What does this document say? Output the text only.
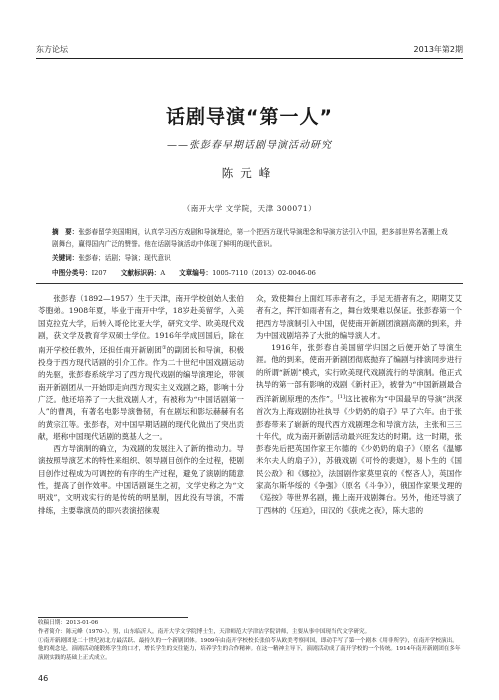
东方论坛	2013年第2期
话剧导演“第一人”
——张彭春早期话剧导演活动研究
陈元峰
（南开大学 文学院，天津 300071）
摘　要：张彭春留学美国期间，认真学习西方戏剧和导演理论，第一个把西方现代导演理念和导演方法引入中国，把多部世界名著搬上戏剧舞台，赢得国内广泛的赞誉。他在话剧导演活动中体现了鲜明的现代意识。
关键词：张彭春；话剧；导演；现代意识
中图分类号：I207 文献标识码：A 文章编号：1005-7110（2013）02-0046-06

张彭春（1892—1957）生于天津，南开学校创始人张伯苓胞弟。1908年夏，毕业于南开中学，18岁赴美留学，入美国克拉克大学，后转入哥伦比亚大学，研究文学、欧美现代戏剧，获文学及教育学双硕士学位。1916年学成回国后，除在南开学校任教外，还担任南开新剧团①的副团长和导演，积极投身于西方现代话剧的引介工作。作为二十世纪中国戏剧运动的先驱，张彭春系统学习了西方现代戏剧的编导演理论，带领南开新剧团从一开始即走向西方现实主义戏剧之路，影响十分广泛。他还培养了一大批戏剧人才，有被称为“中国话剧第一人”的曹禺，有著名电影导演鲁韧，有在剧坛和影坛赫赫有名的黄宗江等。张彭春，对中国早期话剧的现代化做出了突出贡献，堪称中国现代话剧的奠基人之一。

西方导演制的确立，为戏剧的发展注入了新的推动力。导演按照导演艺术的特性来组织、领导剧目创作的全过程，使剧目创作过程成为可调控的有序的生产过程，避免了演剧的随意性，提高了创作效率。中国话剧诞生之初，文学史称之为“文明戏”，文明戏实行的是传统的明星制，因此没有导演，不需排练，主要靠演员的即兴表演招徕观

众，致使舞台上面红耳赤者有之，手足无措者有之，期期艾艾者有之，挥汗如雨者有之，舞台效果难以保证。张彭春第一个把西方导演制引入中国，促使南开新剧团演剧高潮的到来，并为中国戏剧培养了大批的编导演人才。

1916年，张彭春自美国留学归国之后便开始了导演生涯。他的到来，使南开新剧团彻底抛弃了编剧与排演同步进行的所谓“新剧”模式，实行欧美现代戏剧流行的导演制。他正式执导的第一部有影响的戏剧《新村正》，被誉为“中国新剧最合西洋新剧原理的杰作”。[1]这比被称为“中国最早的导演”洪深首次为上海戏剧协社执导《少奶奶的扇子》早了六年。由于张彭春带来了崭新的现代西方戏剧理念和导演方法，主张和三三十年代，成为南开新剧活动最兴旺发达的时期。这一时期，张彭春先后把英国作家王尔德的《少奶奶的扇子》（原名《温娜米尔夫人的扇子》），苏俄戏剧《可怜的裴迦》，易卜生的《国民公敌》和《娜拉》，法国剧作家莫里哀的《悭吝人》，英国作家高尔斯华绥的《争强》（原名《斗争》），俄国作家果戈理的《巡按》等世界名剧，搬上南开戏剧舞台。另外，他还导演了丁西林的《压迫》，田汉的《获虎之夜》，陈大悲的

收稿日期：2013-01-06

作者简介：陈元峰（1970-），男，山东临沂人，南开大学文学院博士生，天津师范大学津沽学院讲师，主要从事中国现当代文学研究。

①南开新剧团是二十世纪初北方最活跃、最持久的一个新剧团体。1909年由南开学校校长张伯苓从欧美考察回国，即动手写了第一个剧本《用非所学》，在南开学校演出。他的观念是，演剧活动能锻炼学生的口才，增长学生的交往能力，培养学生的合作精神。在这一精神主导下，演剧活动成了南开学校的一个传统。1914年南开新剧团在多年演剧实践的基础上正式成立。

46
